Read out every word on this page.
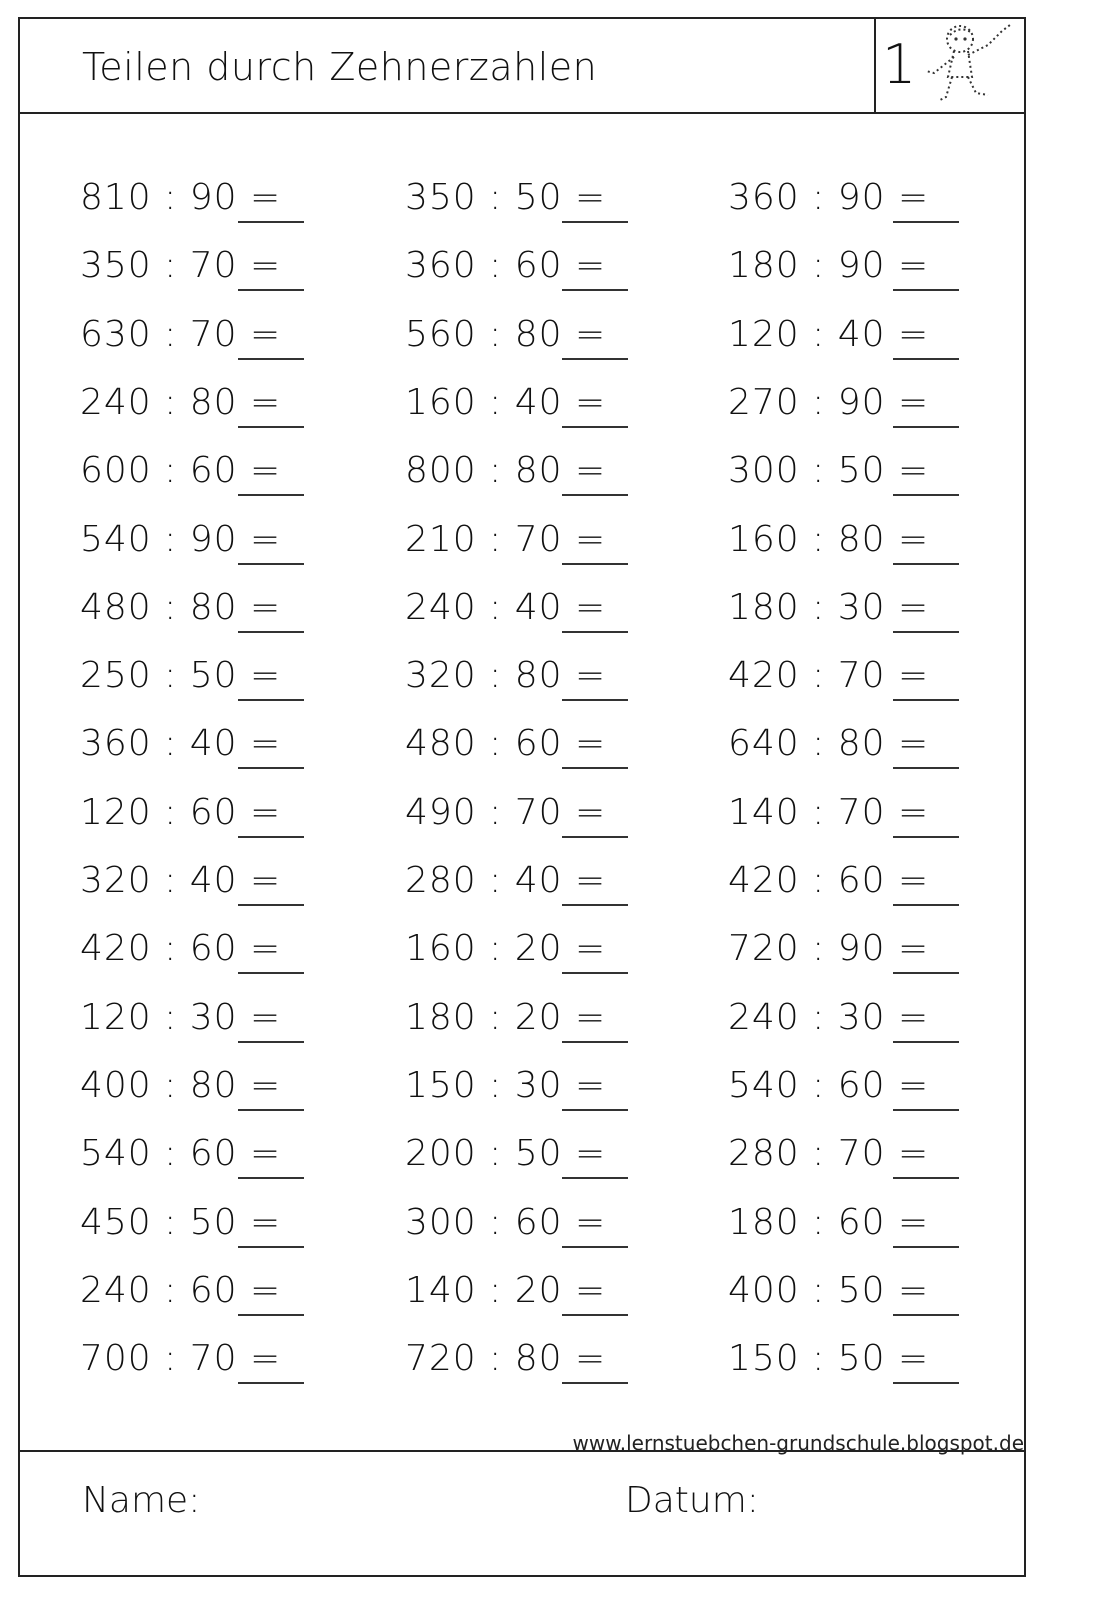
Teilen durch Zehnerzahlen	1
810 : 90 =
350 : 70 =
630 : 70 =
240 : 80 =
600 : 60 =
540 : 90 =
480 : 80 =
250 : 50 =
360 : 40 =
120 : 60 =
320 : 40 =
420 : 60 =
120 : 30 =
400 : 80 =
540 : 60 =
450 : 50 =
240 : 60 =
700 : 70 =
350 : 50 =
360 : 60 =
560 : 80 =
160 : 40 =
800 : 80 =
210 : 70 =
240 : 40 =
320 : 80 =
480 : 60 =
490 : 70 =
280 : 40 =
160 : 20 =
180 : 20 =
150 : 30 =
200 : 50 =
300 : 60 =
140 : 20 =
720 : 80 =
360 : 90 =
180 : 90 =
120 : 40 =
270 : 90 =
300 : 50 =
160 : 80 =
180 : 30 =
420 : 70 =
640 : 80 =
140 : 70 =
420 : 60 =
720 : 90 =
240 : 30 =
540 : 60 =
280 : 70 =
180 : 60 =
400 : 50 =
150 : 50 =
www.lernstuebchen-grundschule.blogspot.de
Name:	Datum:
